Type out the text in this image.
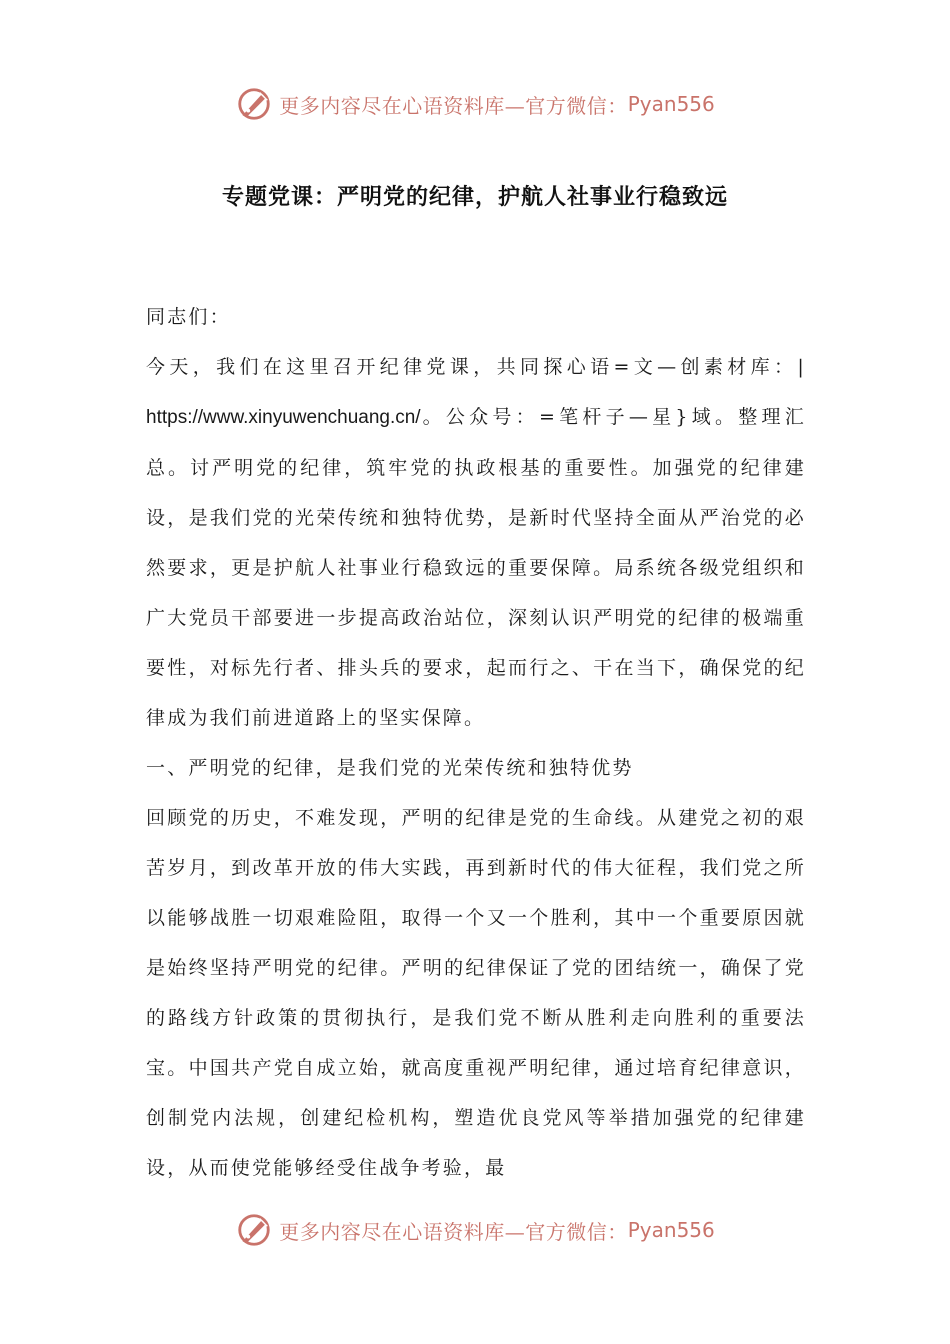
更多内容尽在心语资料库—官方微信： Pyan556
专题党课：严明党的纪律，护航人社事业行稳致远

同志们：

今天，我们在这里召开纪律党课，共同探心语=文—创素材库：| https://www.xinyuwenchuang.cn/。公众号：=笔杆子—星}域。整理汇总。讨严明党的纪律，筑牢党的执政根基的重要性。加强党的纪律建设，是我们党的光荣传统和独特优势，是新时代坚持全面从严治党的必然要求，更是护航人社事业行稳致远的重要保障。局系统各级党组织和广大党员干部要进一步提高政治站位，深刻认识严明党的纪律的极端重要性，对标先行者、排头兵的要求，起而行之、干在当下，确保党的纪律成为我们前进道路上的坚实保障。

一、严明党的纪律，是我们党的光荣传统和独特优势

回顾党的历史，不难发现，严明的纪律是党的生命线。从建党之初的艰苦岁月，到改革开放的伟大实践，再到新时代的伟大征程，我们党之所以能够战胜一切艰难险阻，取得一个又一个胜利，其中一个重要原因就是始终坚持严明党的纪律。严明的纪律保证了党的团结统一，确保了党的路线方针政策的贯彻执行，是我们党不断从胜利走向胜利的重要法宝。中国共产党自成立始，就高度重视严明纪律，通过培育纪律意识，创制党内法规，创建纪检机构，塑造优良党风等举措加强党的纪律建设，从而使党能够经受住战争考验，最

更多内容尽在心语资料库—官方微信： Pyan556
